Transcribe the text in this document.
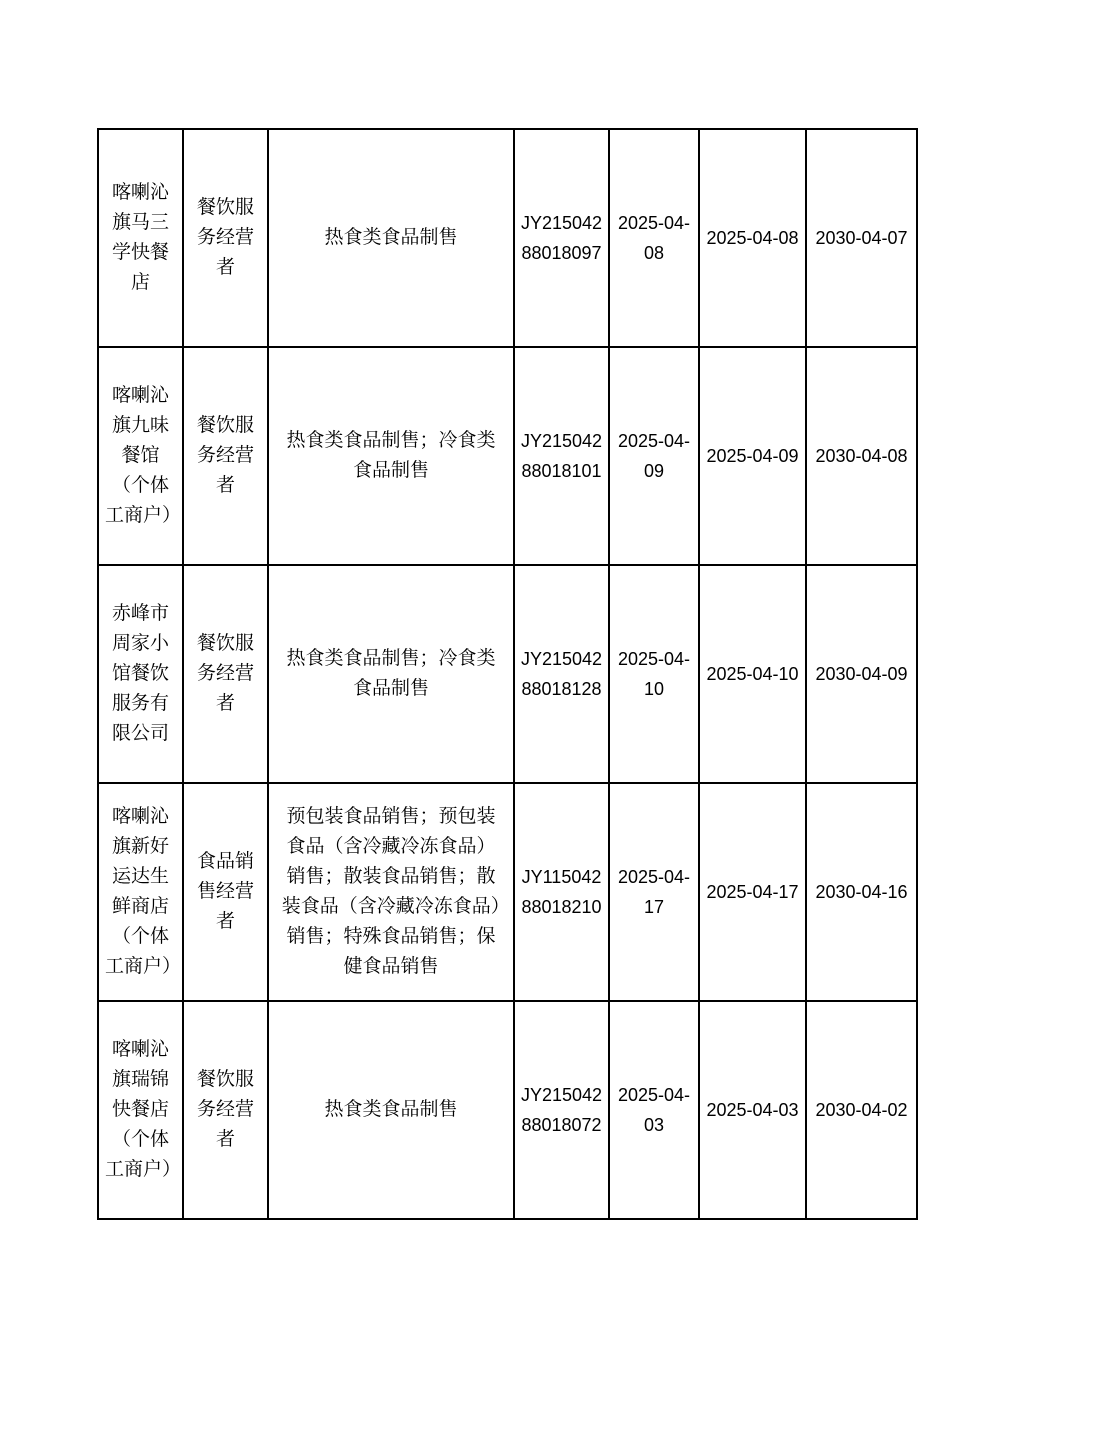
喀喇沁旗马三学快餐店	餐饮服务经营者	热食类食品制售	JY21504288018097	2025-04-08	2025-04-08	2030-04-07
喀喇沁旗九味餐馆（个体工商户）	餐饮服务经营者	热食类食品制售；冷食类食品制售	JY21504288018101	2025-04-09	2025-04-09	2030-04-08
赤峰市周家小馆餐饮服务有限公司	餐饮服务经营者	热食类食品制售；冷食类食品制售	JY21504288018128	2025-04-10	2025-04-10	2030-04-09
喀喇沁旗新好运达生鲜商店（个体工商户）	食品销售经营者	预包装食品销售；预包装食品（含冷藏冷冻食品）销售；散装食品销售；散装食品（含冷藏冷冻食品）销售；特殊食品销售；保健食品销售	JY11504288018210	2025-04-17	2025-04-17	2030-04-16
喀喇沁旗瑞锦快餐店（个体工商户）	餐饮服务经营者	热食类食品制售	JY21504288018072	2025-04-03	2025-04-03	2030-04-02
